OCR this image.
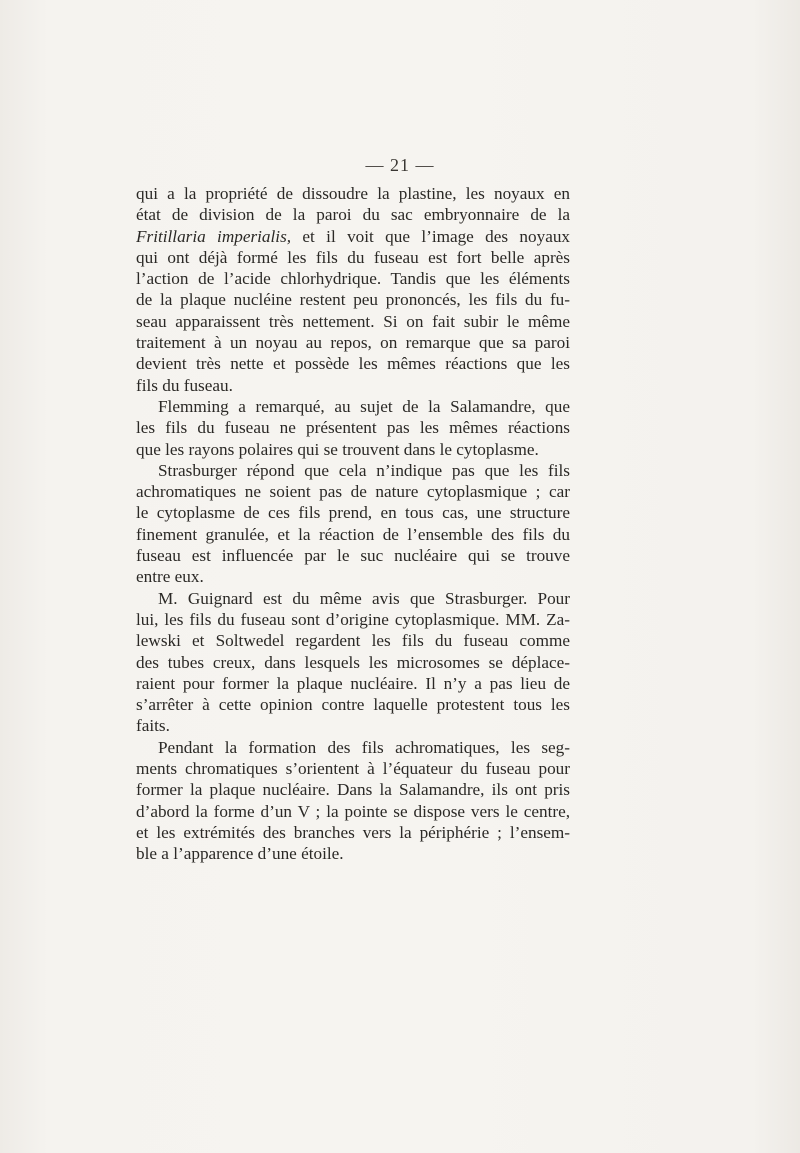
— 21 —
qui a la propriété de dissoudre la plastine, les noyaux en
état de division de la paroi du sac embryonnaire de la
Fritillaria imperialis, et il voit que l’image des noyaux
qui ont déjà formé les fils du fuseau est fort belle après
l’action de l’acide chlorhydrique. Tandis que les éléments
de la plaque nucléine restent peu prononcés, les fils du fu-
seau apparaissent très nettement. Si on fait subir le même
traitement à un noyau au repos, on remarque que sa paroi
devient très nette et possède les mêmes réactions que les
fils du fuseau.
Flemming a remarqué, au sujet de la Salamandre, que
les fils du fuseau ne présentent pas les mêmes réactions
que les rayons polaires qui se trouvent dans le cytoplasme.
Strasburger répond que cela n’indique pas que les fils
achromatiques ne soient pas de nature cytoplasmique ; car
le cytoplasme de ces fils prend, en tous cas, une structure
finement granulée, et la réaction de l’ensemble des fils du
fuseau est influencée par le suc nucléaire qui se trouve
entre eux.
M. Guignard est du même avis que Strasburger. Pour
lui, les fils du fuseau sont d’origine cytoplasmique. MM. Za-
lewski et Soltwedel regardent les fils du fuseau comme
des tubes creux, dans lesquels les microsomes se déplace-
raient pour former la plaque nucléaire. Il n’y a pas lieu de
s’arrêter à cette opinion contre laquelle protestent tous les
faits.
Pendant la formation des fils achromatiques, les seg-
ments chromatiques s’orientent à l’équateur du fuseau pour
former la plaque nucléaire. Dans la Salamandre, ils ont pris
d’abord la forme d’un V ; la pointe se dispose vers le centre,
et les extrémités des branches vers la périphérie ; l’ensem-
ble a l’apparence d’une étoile.
